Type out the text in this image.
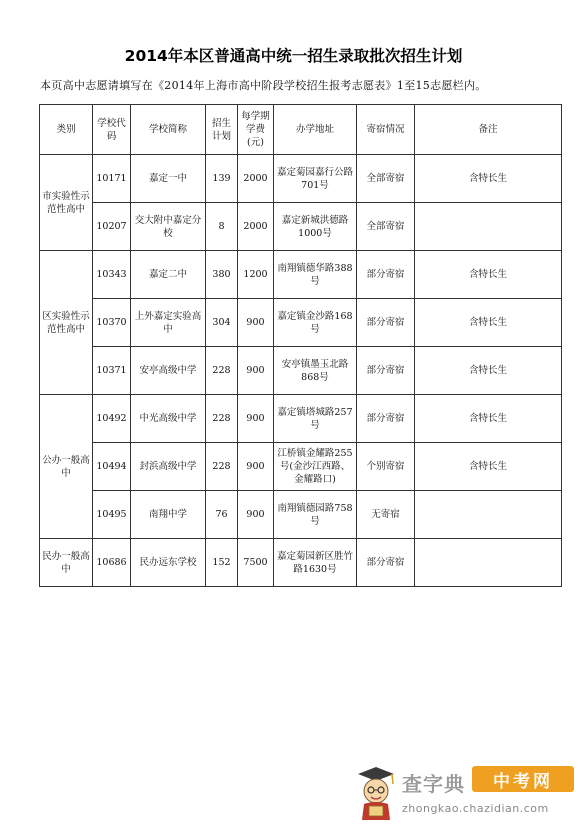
2014年本区普通高中统一招生录取批次招生计划
本页高中志愿请填写在《2014年上海市高中阶段学校招生报考志愿表》1至15志愿栏内。
类别	学校代码	学校简称	招生计划	每学期学费(元)	办学地址	寄宿情况	备注
市实验性示范性高中	10171	嘉定一中	139	2000	嘉定菊园嘉行公路701号	全部寄宿	含特长生
	10207	交大附中嘉定分校	8	2000	嘉定新城洪德路1000号	全部寄宿	
区实验性示范性高中	10343	嘉定二中	380	1200	南翔镇德华路388号	部分寄宿	含特长生
	10370	上外嘉定实验高中	304	900	嘉定镇金沙路168号	部分寄宿	含特长生
	10371	安亭高级中学	228	900	安亭镇墨玉北路868号	部分寄宿	含特长生
公办一般高中	10492	中光高级中学	228	900	嘉定镇塔城路257号	部分寄宿	含特长生
	10494	封浜高级中学	228	900	江桥镇金耀路255号(金沙江西路、金耀路口)	个别寄宿	含特长生
	10495	南翔中学	76	900	南翔镇德园路758号	无寄宿	
民办一般高中	10686	民办远东学校	152	7500	嘉定菊园新区胜竹路1630号	部分寄宿	
查字典	中考网
zhongkao.chazidian.com
